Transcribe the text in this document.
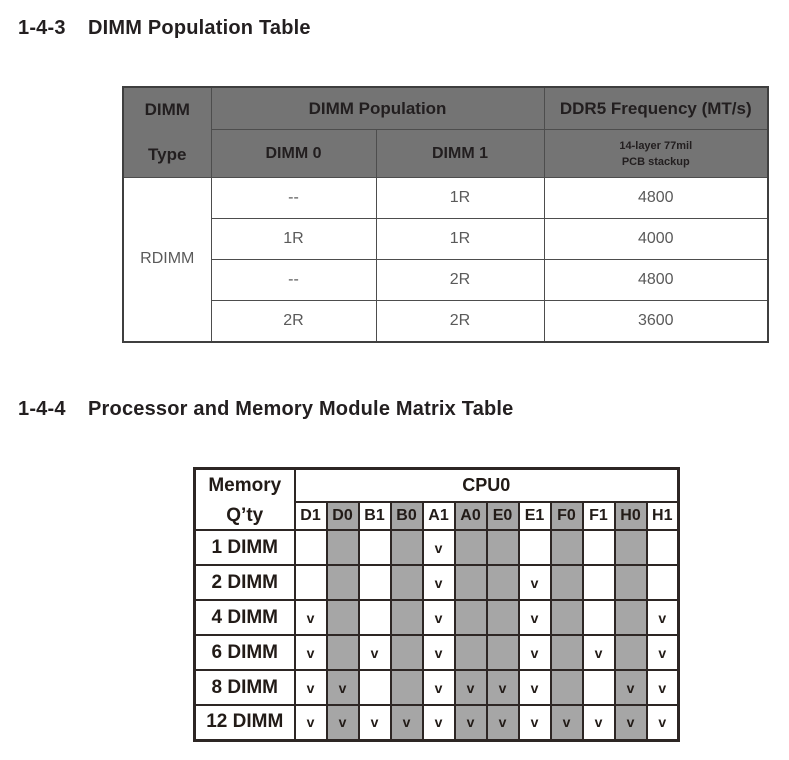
1-4-3	DIMM Population Table
DIMM
Type	DIMM Population		DDR5 Frequency (MT/s)
	DIMM 0	DIMM 1	14-layer 77mil
PCB stackup

RDIMM	--	1R	4800
	1R	1R	4000
	--	2R	4800
	2R	2R	3600
1-4-4	Processor and Memory Module Matrix Table
Memory
Q’ty	CPU0											
	D1	D0	B1	B0	A1	A0	E0	E1	F0	F1	H0	H1
1 DIMM					v							
2 DIMM					v			v				
4 DIMM	v				v			v				v
6 DIMM	v		v		v			v		v		v
8 DIMM	v	v			v	v	v	v			v	v
12 DIMM	v	v	v	v	v	v	v	v	v	v	v	v
